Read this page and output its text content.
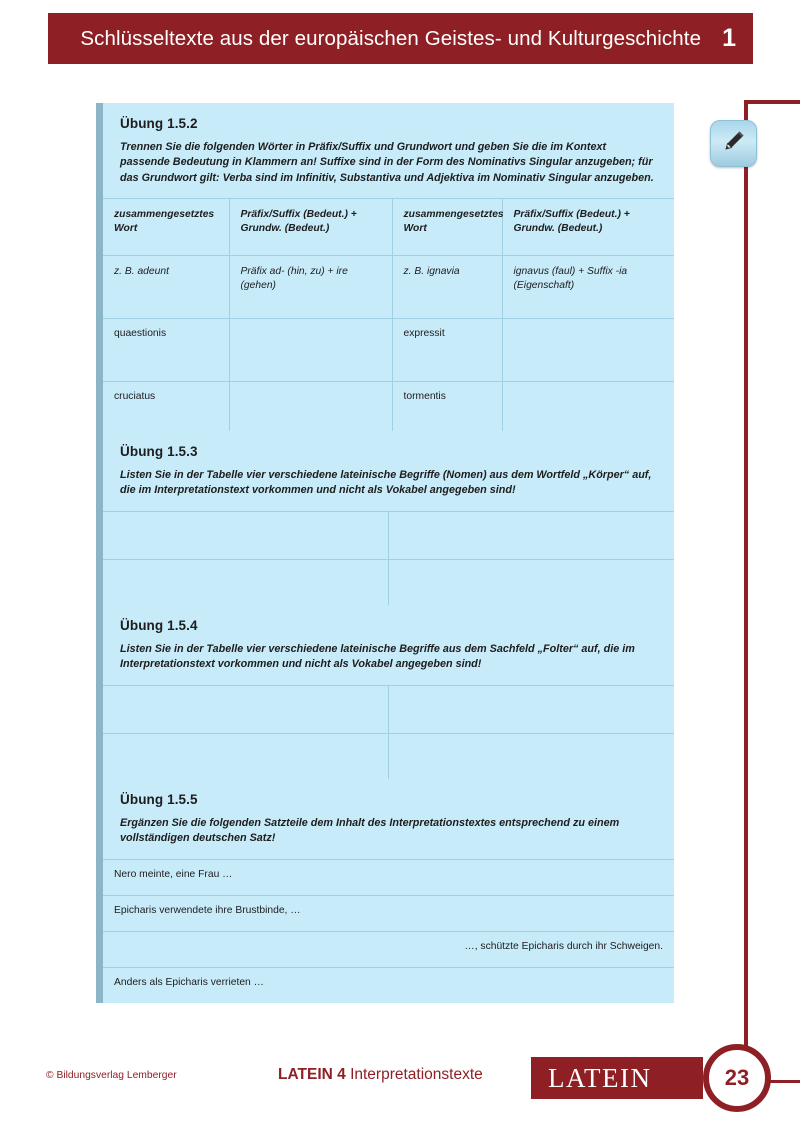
Schlüsseltexte aus der europäischen Geistes- und Kulturgeschichte 1
Übung 1.5.2
Trennen Sie die folgenden Wörter in Präfix/Suffix und Grundwort und geben Sie die im Kontext passende Bedeutung in Klammern an! Suffixe sind in der Form des Nominativs Singular anzugeben; für das Grundwort gilt: Verba sind im Infinitiv, Substantiva und Adjektiva im Nominativ Singular anzugeben.
zusammengesetztes Wort	Präfix/Suffix (Bedeut.) + Grundw. (Bedeut.)	zusammengesetztes Wort	Präfix/Suffix (Bedeut.) + Grundw. (Bedeut.)
z. B. adeunt	Präfix ad- (hin, zu) + ire (gehen)	z. B. ignavia	ignavus (faul) + Suffix -ia (Eigenschaft)
quaestionis		expressit	
cruciatus		tormentis	
Übung 1.5.3
Listen Sie in der Tabelle vier verschiedene lateinische Begriffe (Nomen) aus dem Wortfeld „Körper“ auf, die im Interpretationstext vorkommen und nicht als Vokabel angegeben sind!

Übung 1.5.4
Listen Sie in der Tabelle vier verschiedene lateinische Begriffe aus dem Sachfeld „Folter“ auf, die im Interpretationstext vorkommen und nicht als Vokabel angegeben sind!

Übung 1.5.5
Ergänzen Sie die folgenden Satzteile dem Inhalt des Interpretationstextes entsprechend zu einem vollständigen deutschen Satz!
Nero meinte, eine Frau …
Epicharis verwendete ihre Brustbinde, …
…, schützte Epicharis durch ihr Schweigen.
Anders als Epicharis verrieten …
© Bildungsverlag Lemberger	LATEIN 4 Interpretationstexte LATEIN	23
